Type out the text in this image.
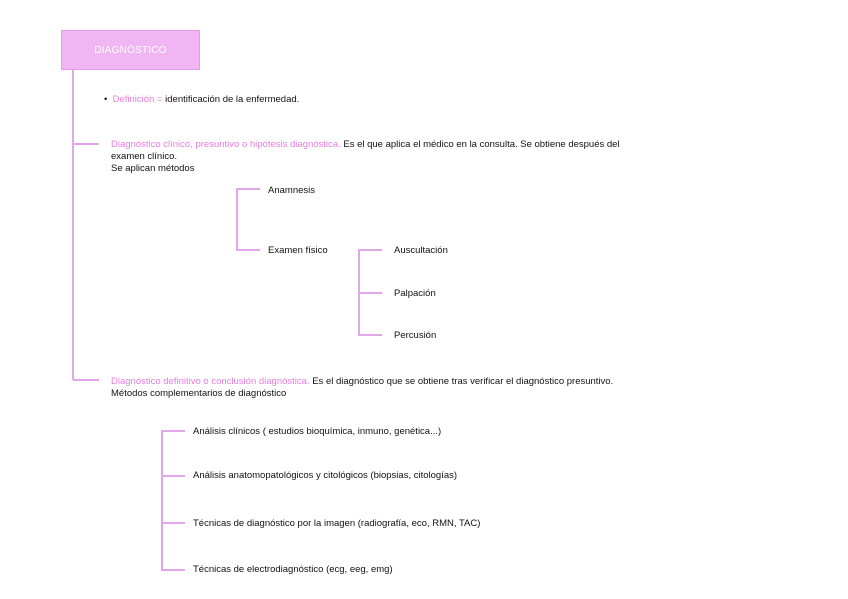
DIAGNÓSTICO
• Definición = identificación de la enfermedad.
Diagnóstico clínico, presuntivo o hipótesis diagnóstica. Es el que aplica el médico en la consulta. Se obtiene después del
examen clínico.
Se aplican métodos
Anamnesis
Examen físico	Auscultación
Palpación
Percusión
Diagnóstico definitivo o conclusión diagnóstica. Es el diagnóstico que se obtiene tras verificar el diagnóstico presuntivo.
Métodos complementarios de diagnóstico
Análisis clínicos ( estudios bioquímica, inmuno, genética...)
Análisis anatomopatológicos y citológicos (biopsias, citologías)
Técnicas de diagnóstico por la imagen (radiografía, eco, RMN, TAC)
Técnicas de electrodiagnóstico (ecg, eeg, emg)
